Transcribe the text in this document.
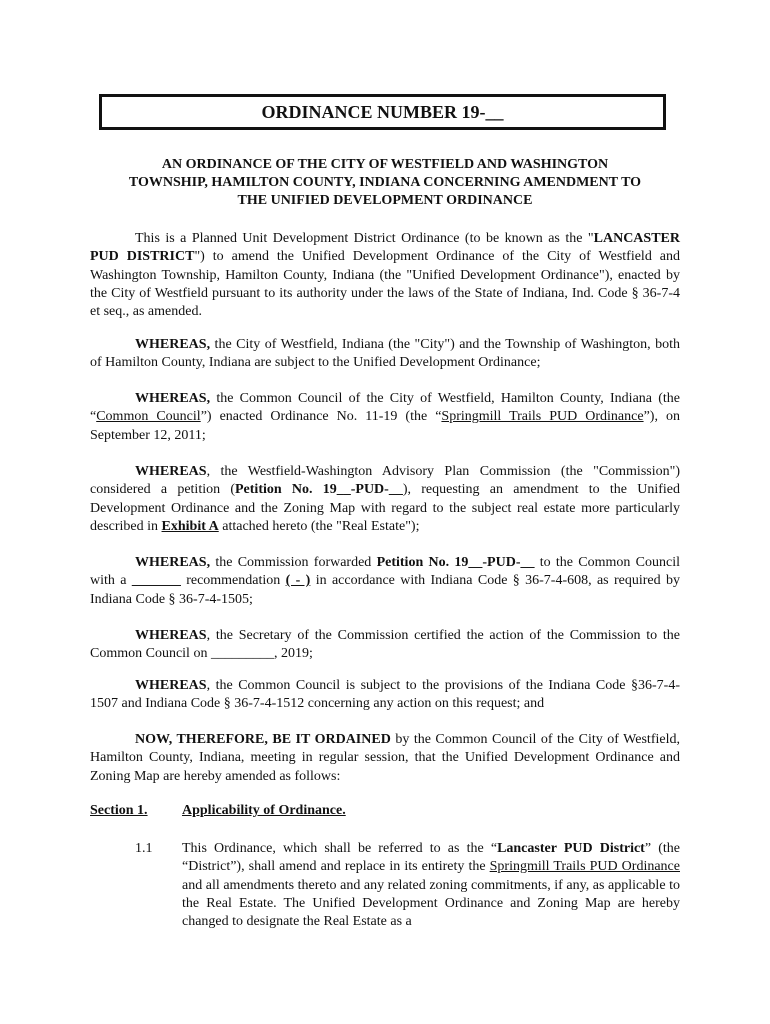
ORDINANCE NUMBER 19-__
AN ORDINANCE OF THE CITY OF WESTFIELD AND WASHINGTON
TOWNSHIP, HAMILTON COUNTY, INDIANA CONCERNING AMENDMENT TO
THE UNIFIED DEVELOPMENT ORDINANCE
This is a Planned Unit Development District Ordinance (to be known as the "LANCASTER PUD DISTRICT") to amend the Unified Development Ordinance of the City of Westfield and Washington Township, Hamilton County, Indiana (the "Unified Development Ordinance"), enacted by the City of Westfield pursuant to its authority under the laws of the State of Indiana, Ind. Code § 36-7-4 et seq., as amended.
WHEREAS, the City of Westfield, Indiana (the "City") and the Township of Washington, both of Hamilton County, Indiana are subject to the Unified Development Ordinance;
WHEREAS, the Common Council of the City of Westfield, Hamilton County, Indiana (the “Common Council”) enacted Ordinance No. 11-19 (the “Springmill Trails PUD Ordinance”), on September 12, 2011;
WHEREAS, the Westfield-Washington Advisory Plan Commission (the "Commission") considered a petition (Petition No. 19__-PUD-__), requesting an amendment to the Unified Development Ordinance and the Zoning Map with regard to the subject real estate more particularly described in Exhibit A attached hereto (the "Real Estate");
WHEREAS, the Commission forwarded Petition No. 19__-PUD-__ to the Common Council with a _______ recommendation ( - ) in accordance with Indiana Code § 36-7-4-608, as required by Indiana Code § 36-7-4-1505;
WHEREAS, the Secretary of the Commission certified the action of the Commission to the Common Council on _________, 2019;
WHEREAS, the Common Council is subject to the provisions of the Indiana Code §36-7-4-1507 and Indiana Code § 36-7-4-1512 concerning any action on this request; and
NOW, THEREFORE, BE IT ORDAINED by the Common Council of the City of Westfield, Hamilton County, Indiana, meeting in regular session, that the Unified Development Ordinance and Zoning Map are hereby amended as follows:
Section 1. Applicability of Ordinance.
1.1 This Ordinance, which shall be referred to as the “Lancaster PUD District” (the “District”), shall amend and replace in its entirety the Springmill Trails PUD Ordinance and all amendments thereto and any related zoning commitments, if any, as applicable to the Real Estate. The Unified Development Ordinance and Zoning Map are hereby changed to designate the Real Estate as a
